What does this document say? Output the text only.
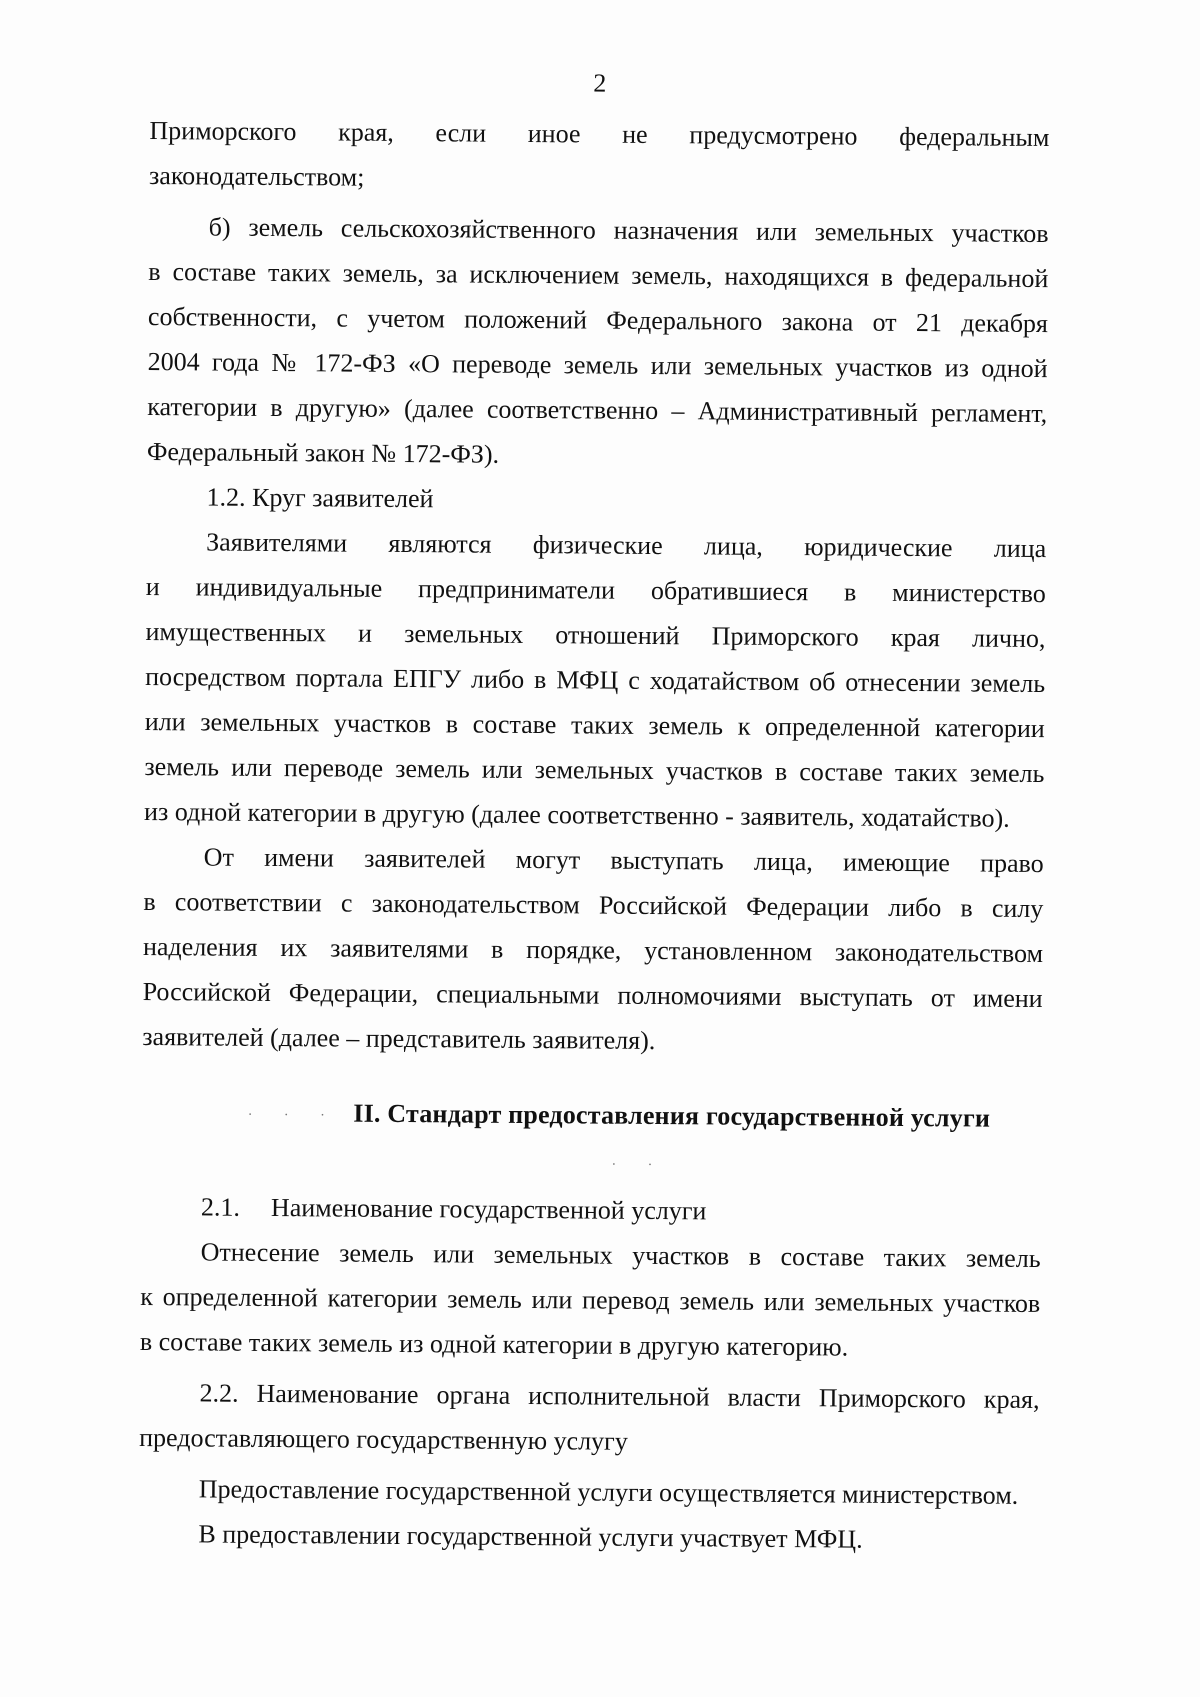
2

Приморского края, если иное не предусмотрено федеральным

законодательством;

б) земель сельскохозяйственного назначения или земельных участков

в составе таких земель, за исключением земель, находящихся в федеральной

собственности, с учетом положений Федерального закона от 21 декабря

2004 года № 172-ФЗ «О переводе земель или земельных участков из одной

категории в другую» (далее соответственно – Административный регламент,

Федеральный закон № 172-ФЗ).

1.2. Круг заявителей

Заявителями являются физические лица, юридические лица

и индивидуальные предприниматели обратившиеся в министерство

имущественных и земельных отношений Приморского края лично,

посредством портала ЕПГУ либо в МФЦ с ходатайством об отнесении земель

или земельных участков в составе таких земель к определенной категории

земель или переводе земель или земельных участков в составе таких земель

из одной категории в другую (далее соответственно - заявитель, ходатайство).

От имени заявителей могут выступать лица, имеющие право

в соответствии с законодательством Российской Федерации либо в силу

наделения их заявителями в порядке, установленном законодательством

Российской Федерации, специальными полномочиями выступать от имени

заявителей (далее – представитель заявителя).

· · · II. Стандарт предоставления государственной услуги· ·

2.1. Наименование государственной услуги

Отнесение земель или земельных участков в составе таких земель

к определенной категории земель или перевод земель или земельных участков

в составе таких земель из одной категории в другую категорию.

2.2. Наименование органа исполнительной власти Приморского края,

предоставляющего государственную услугу

Предоставление государственной услуги осуществляется министерством.

В предоставлении государственной услуги участвует МФЦ.
